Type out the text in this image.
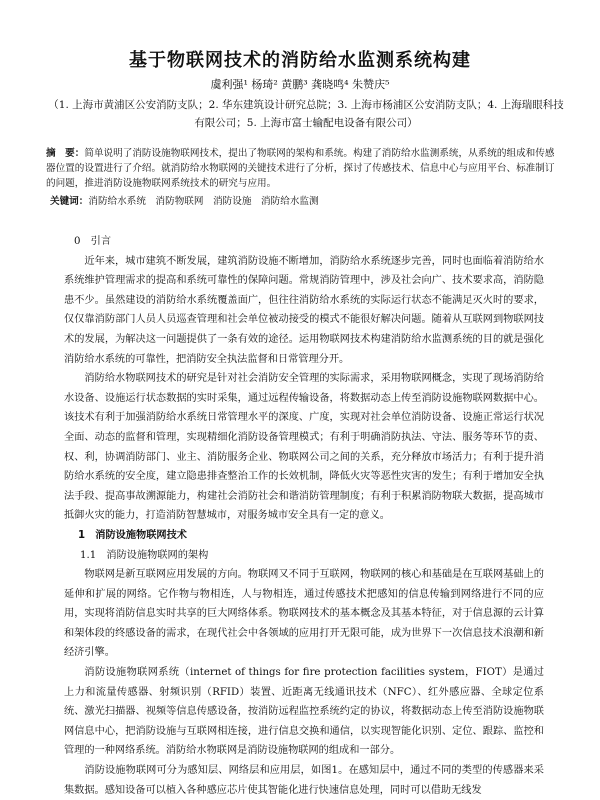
基于物联网技术的消防给水监测系统构建
虞利强¹ 杨琦² 黄鹏³ 龚晓鸣⁴ 朱赞庆⁵
（1. 上海市黄浦区公安消防支队；2. 华东建筑设计研究总院；3. 上海市杨浦区公安消防支队；4. 上海瑞眼科技有限公司；5. 上海市富士输配电设备有限公司）
摘　要：简单说明了消防设施物联网技术，提出了物联网的架构和系统。构建了消防给水监测系统，从系统的组成和传感器位置的设置进行了介绍。就消防给水物联网的关键技术进行了分析，探讨了传感技术、信息中心与应用平台、标准制订的问题，推进消防设施物联网系统技术的研究与应用。
关键词：消防给水系统　消防物联网　消防设施　消防给水监测

0　引言

近年来，城市建筑不断发展，建筑消防设施不断增加，消防给水系统逐步完善，同时也面临着消防给水系统维护管理需求的提高和系统可靠性的保障问题。常规消防管理中，涉及社会向广、技术要求高，消防隐患不少。虽然建设的消防给水系统覆盖面广，但往往消防给水系统的实际运行状态不能满足灭火时的要求，仅仅靠消防部门人员人员巡查管理和社会单位被动接受的模式不能很好解决问题。随着从互联网到物联网技术的发展，为解决这一问题提供了一条有效的途径。运用物联网技术构建消防给水监测系统的目的就是强化消防给水系统的可靠性，把消防安全执法监督和日常管理分开。

消防给水物联网技术的研究是针对社会消防安全管理的实际需求，采用物联网概念，实现了现场消防给水设备、设施运行状态数据的实时采集，通过远程传输设备，将数据动态上传至消防设施物联网数据中心。该技术有利于加强消防给水系统日常管理水平的深度、广度，实现对社会单位消防设备、设施正常运行状况全面、动态的监督和管理，实现精细化消防设备管理模式；有利于明确消防执法、守法、服务等环节的责、权、利，协调消防部门、业主、消防服务企业、物联网公司之间的关系，充分释放市场活力；有利于提升消防给水系统的安全度，建立隐患排查整治工作的长效机制，降低火灾等恶性灾害的发生；有利于增加安全执法手段、提高事故溯源能力，构建社会消防社会和谐消防管理制度；有利于积累消防物联大数据，提高城市抵御火灾的能力，打造消防智慧城市，对服务城市安全具有一定的意义。

1　消防设施物联网技术

1.1　消防设施物联网的架构

物联网是新互联网应用发展的方向。物联网又不同于互联网，物联网的核心和基础是在互联网基础上的延伸和扩展的网络。它作物与物相连，人与物相连，通过传感技术把感知的信息传输到网络进行不同的应用，实现将消防信息实时共享的巨大网络体系。物联网技术的基本概念及其基本特征，对于信息源的云计算和架体段的终感设备的需求，在现代社会中各领域的应用打开无限可能，成为世界下一次信息技术浪潮和新经济引擎。

消防设施物联网系统（internet of things for fire protection facilities system，FIOT）是通过上力和流量传感器、射频识别（RFID）装置、近距离无线通讯技术（NFC）、红外感应器、全球定位系统、激光扫描器、视频等信息传感设备，按消防远程监控系统约定的协议，将数据动态上传至消防设施物联网信息中心，把消防设施与互联网相连接，进行信息交换和通信，以实现智能化识别、定位、跟踪、监控和管理的一种网络系统。消防给水物联网是消防设施物联网的组成和一部分。

消防设施物联网可分为感知层、网络层和应用层，如图1。在感知层中，通过不同的类型的传感器来采集数据。感知设备可以植入各种感应芯片使其智能化进行快速信息处理，同时可以借助无线发
